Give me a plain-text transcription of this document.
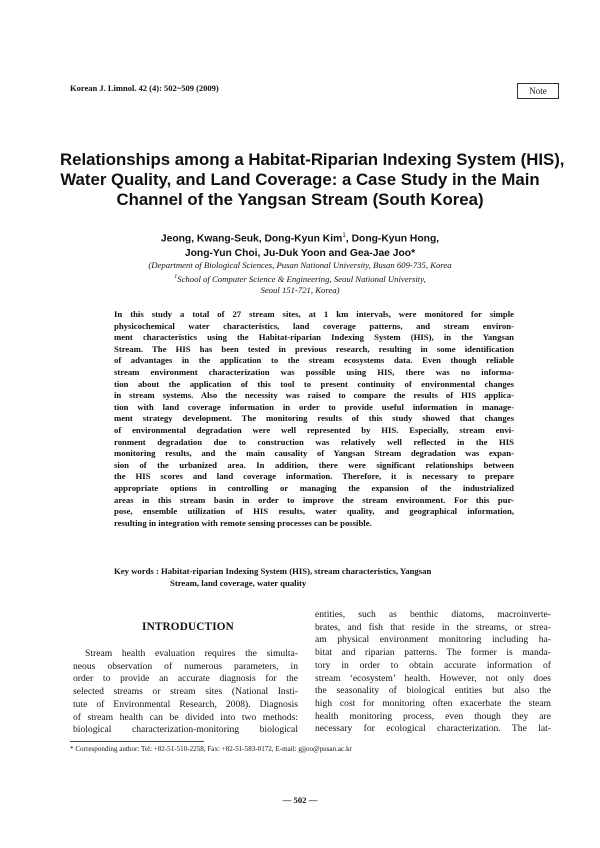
Korean J. Limnol. 42 (4): 502~509 (2009)	Note
Relationships among a Habitat-Riparian Indexing System (HIS),
Water Quality, and Land Coverage: a Case Study in the Main
Channel of the Yangsan Stream (South Korea)
Jeong, Kwang-Seuk, Dong-Kyun Kim$^1$, Dong-Kyun Hong,
Jong-Yun Choi, Ju-Duk Yoon and Gea-Jae Joo*
(Department of Biological Sciences, Pusan National University, Busan 609-735, Korea
$^1$School of Computer Science & Engineering, Seoul National University,
Seoul 151-721, Korea)
In this study a total of 27 stream sites, at 1 km intervals, were monitored for simple
physicochemical water characteristics, land coverage patterns, and stream environ-
ment characteristics using the Habitat-riparian Indexing System (HIS), in the Yangsan
Stream. The HIS has been tested in previous research, resulting in some identification
of advantages in the application to the stream ecosystems data. Even though reliable
stream environment characterization was possible using HIS, there was no informa-
tion about the application of this tool to present continuity of environmental changes
in stream systems. Also the necessity was raised to compare the results of HIS applica-
tion with land coverage information in order to provide useful information in manage-
ment strategy development. The monitoring results of this study showed that changes
of environmental degradation were well represented by HIS. Especially, stream envi-
ronment degradation due to construction was relatively well reflected in the HIS
monitoring results, and the main causality of Yangsan Stream degradation was expan-
sion of the urbanized area. In addition, there were significant relationships between
the HIS scores and land coverage information. Therefore, it is necessary to prepare
appropriate options in controlling or managing the expansion of the industrialized
areas in this stream basin in order to improve the stream environment. For this pur-
pose, ensemble utilization of HIS results, water quality, and geographical information,
resulting in integration with remote sensing processes can be possible.
Key words : Habitat-riparian Indexing System (HIS), stream characteristics, Yangsan
Stream, land coverage, water quality
INTRODUCTION
Stream health evaluation requires the simulta-
neous observation of numerous parameters, in
order to provide an accurate diagnosis for the
selected streams or stream sites (National Insti-
tute of Environmental Research, 2008). Diagnosis
of stream health can be divided into two methods:
biological characterization-monitoring biological
entities, such as benthic diatoms, macroinverte-
brates, and fish that reside in the streams, or strea-
am physical environment monitoring including ha-
bitat and riparian patterns. The former is manda-
tory in order to obtain accurate information of
stream ‘ecosystem’ health. However, not only does
the seasonality of biological entities but also the
high cost for monitoring often exacerbate the steam
health monitoring process, even though they are
necessary for ecological characterization. The lat-
* Corresponding author: Tel: +82-51-510-2258, Fax: +82-51-583-0172, E-mail: gjjoo@pusan.ac.kr
— 502 —
